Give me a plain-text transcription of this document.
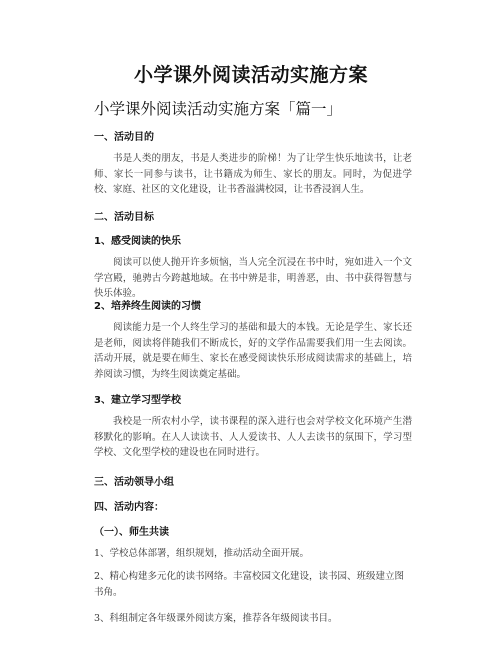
小学课外阅读活动实施方案
小学课外阅读活动实施方案「篇一」
一、活动目的
书是人类的朋友，书是人类进步的阶梯！为了让学生快乐地读书，让老师、家长一同参与读书，让书籍成为师生、家长的朋友。同时，为促进学校、家庭、社区的文化建设，让书香溢满校园，让书香浸润人生。
二、活动目标
1、感受阅读的快乐
阅读可以使人抛开许多烦恼，当人完全沉浸在书中时，宛如进入一个文学宫殿，驰骋古今跨越地域。在书中辨是非，明善恶，由、书中获得智慧与快乐体验。
2、培养终生阅读的习惯
阅读能力是一个人终生学习的基础和最大的本钱。无论是学生、家长还是老师，阅读将伴随我们不断成长，好的文学作品需要我们用一生去阅读。活动开展，就是要在师生、家长在感受阅读快乐形成阅读需求的基础上，培养阅读习惯，为终生阅读奠定基础。
3、建立学习型学校
我校是一所农村小学，读书课程的深入进行也会对学校文化环境产生潜移默化的影响。在人人读读书、人人爱读书、人人去读书的氛围下，学习型学校、文化型学校的建设也在同时进行。
三、活动领导小组
四、活动内容：
（一）、师生共读
1、学校总体部署，组织规划，推动活动全面开展。
2、精心构建多元化的读书网络。丰富校园文化建设，读书园、班级建立图书角。
3、科组制定各年级课外阅读方案，推荐各年级阅读书目。
